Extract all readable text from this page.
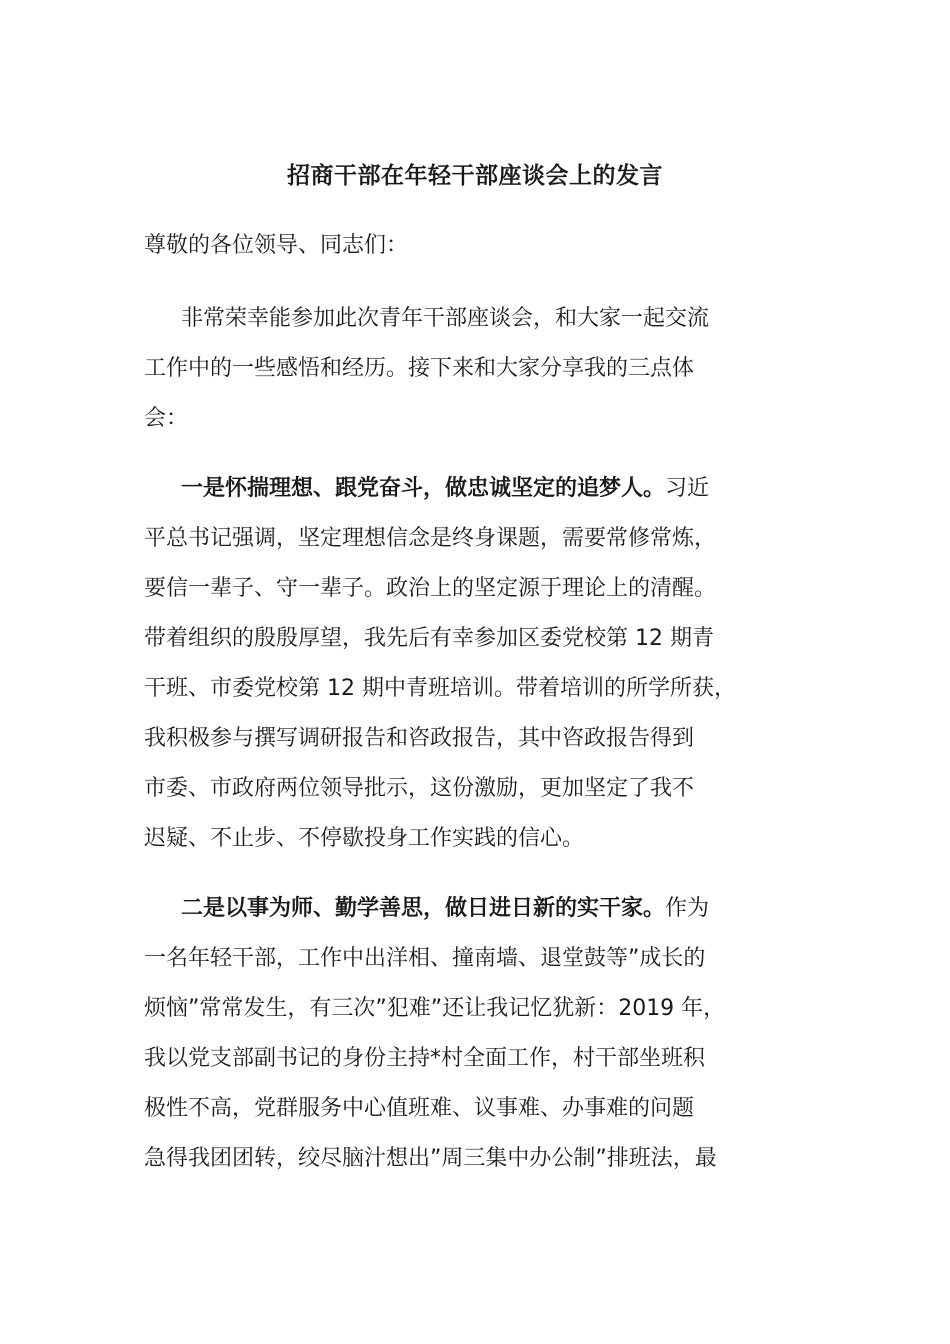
招商干部在年轻干部座谈会上的发言

尊敬的各位领导、同志们：

非常荣幸能参加此次青年干部座谈会，和大家一起交流
工作中的一些感悟和经历。接下来和大家分享我的三点体
会：
一是怀揣理想、跟党奋斗，做忠诚坚定的追梦人。习近
平总书记强调，坚定理想信念是终身课题，需要常修常炼，
要信一辈子、守一辈子。政治上的坚定源于理论上的清醒。
带着组织的殷殷厚望，我先后有幸参加区委党校第 12 期青
干班、市委党校第 12 期中青班培训。带着培训的所学所获，
我积极参与撰写调研报告和咨政报告，其中咨政报告得到
市委、市政府两位领导批示，这份激励，更加坚定了我不
迟疑、不止步、不停歇投身工作实践的信心。
二是以事为师、勤学善思，做日进日新的实干家。作为
一名年轻干部，工作中出洋相、撞南墙、退堂鼓等”成长的
烦恼”常常发生，有三次”犯难”还让我记忆犹新：2019 年，
我以党支部副书记的身份主持*村全面工作，村干部坐班积
极性不高，党群服务中心值班难、议事难、办事难的问题
急得我团团转，绞尽脑汁想出”周三集中办公制”排班法，最
